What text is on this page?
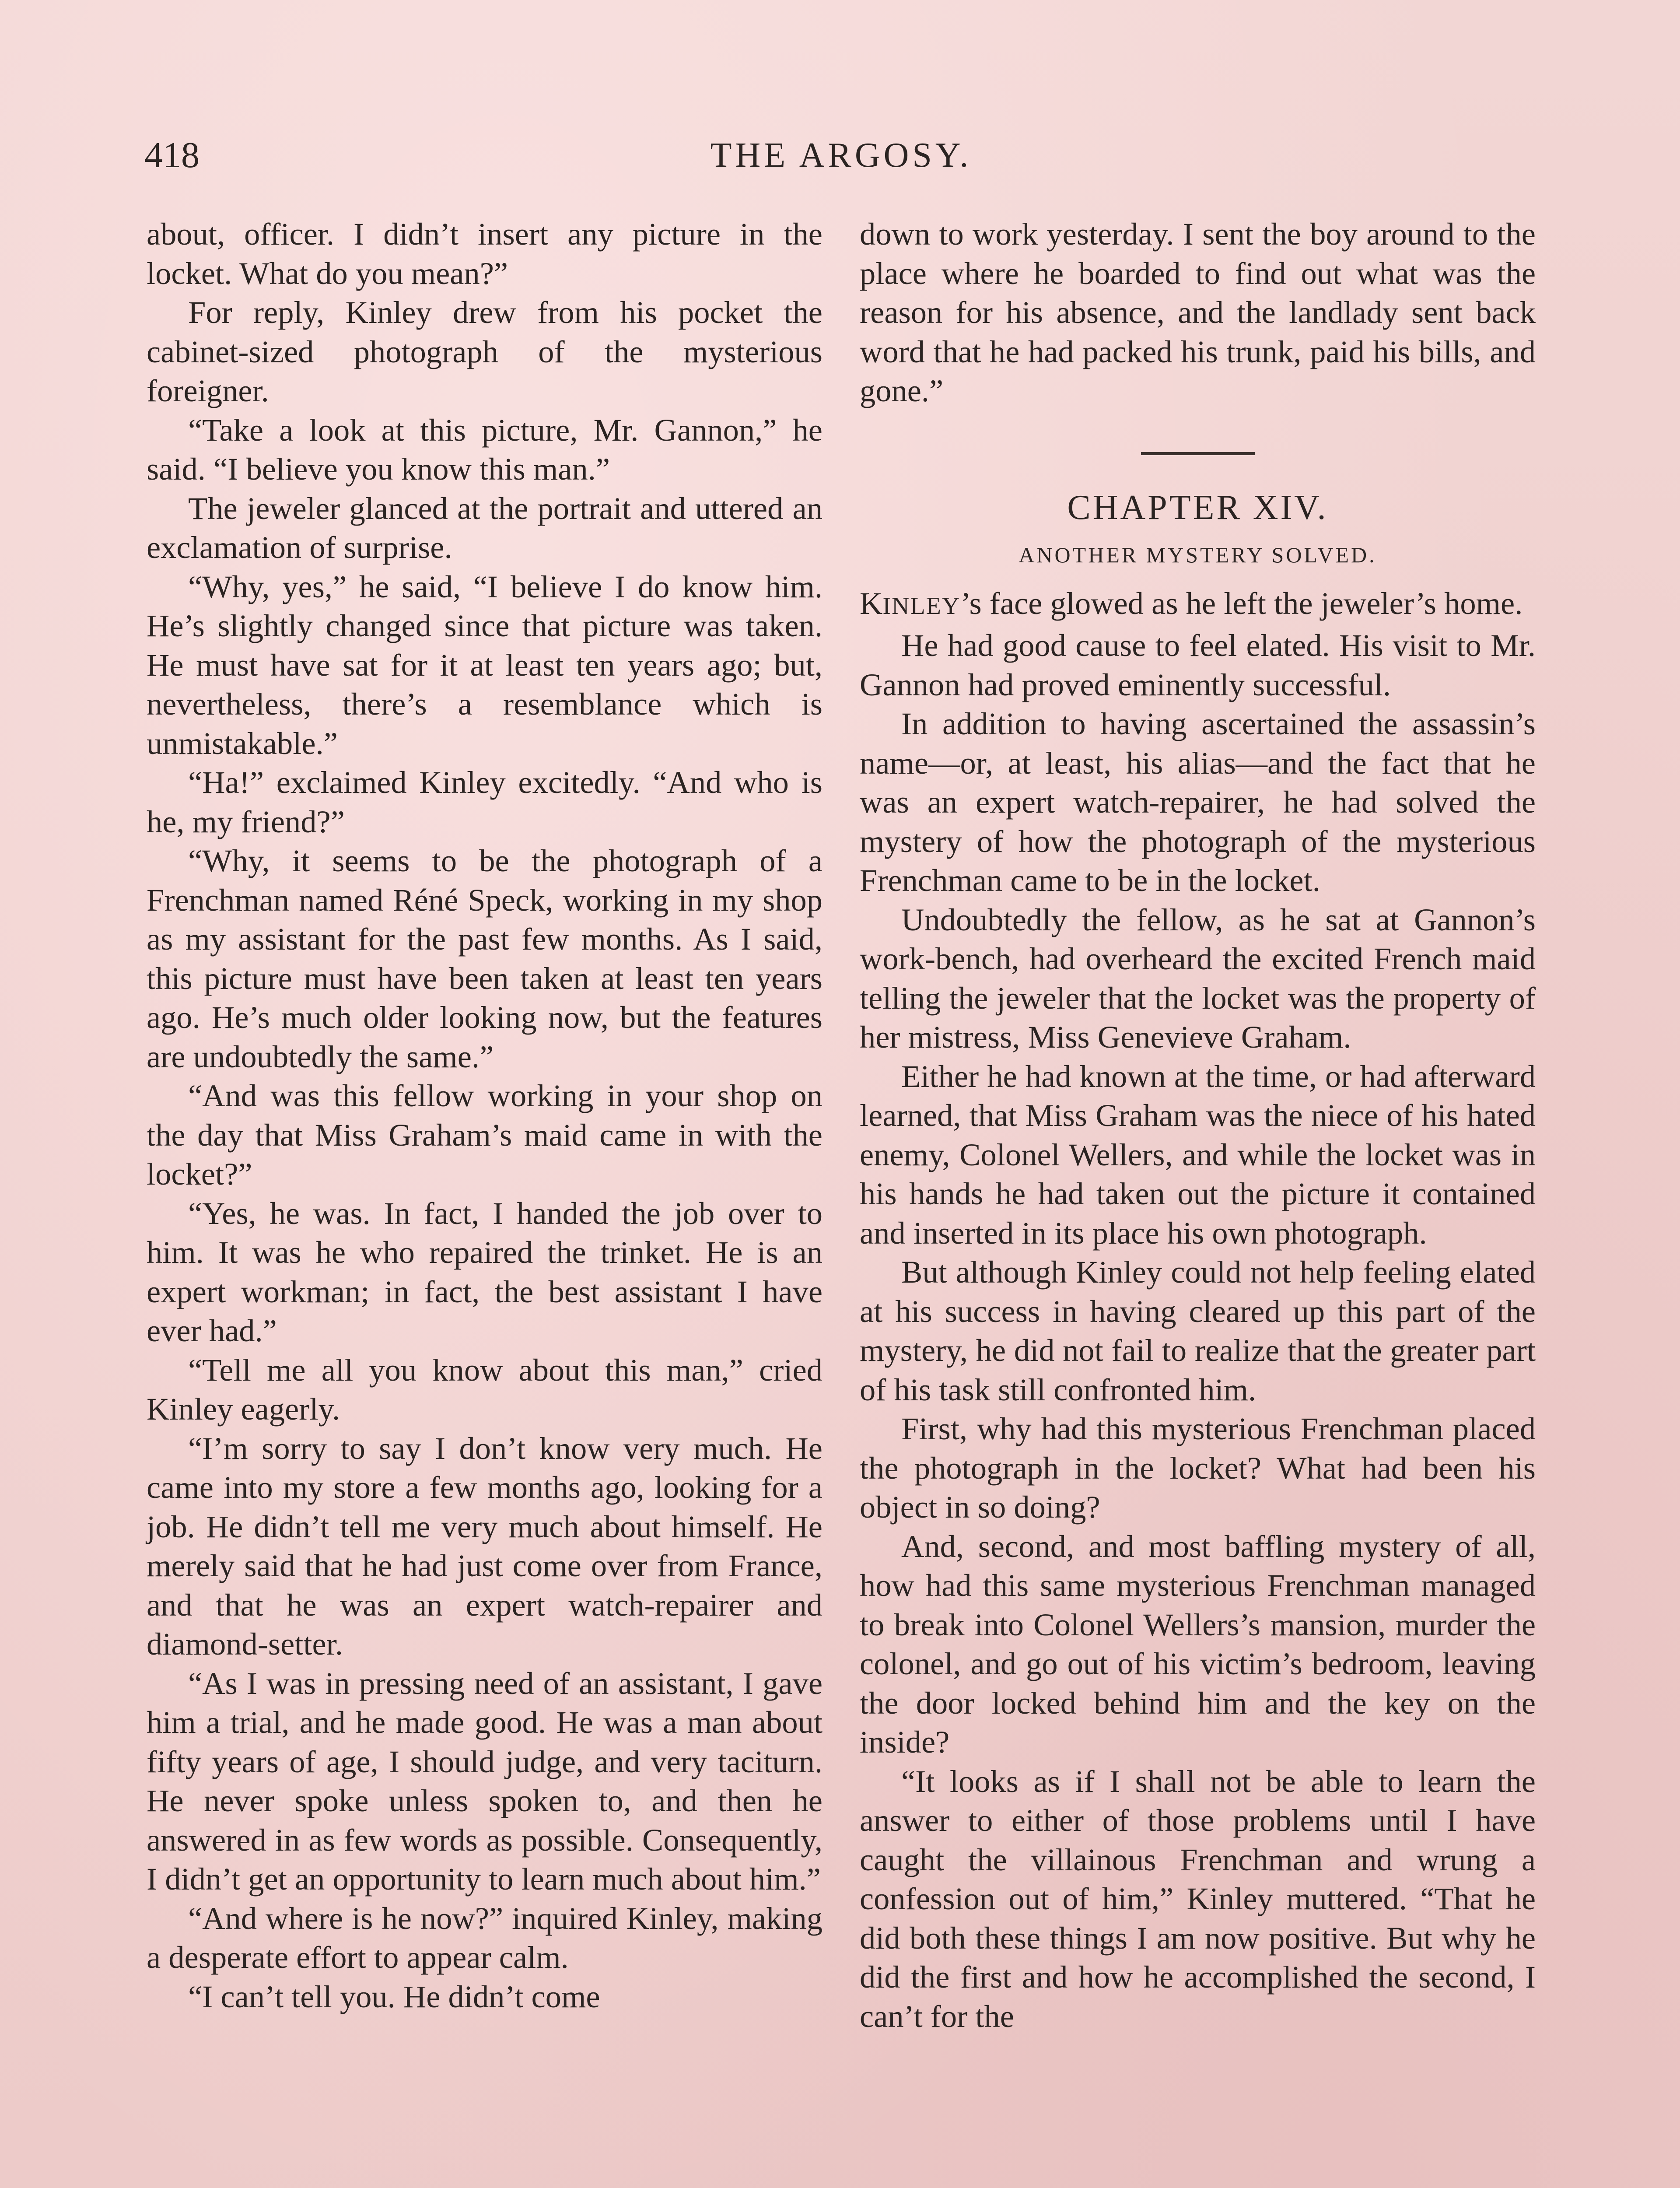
418	THE ARGOSY.

about, officer. I didn’t insert any picture in the locket. What do you mean?”

For reply, Kinley drew from his pocket the cabinet-sized photograph of the mysterious foreigner.

“Take a look at this picture, Mr. Gannon,” he said. “I believe you know this man.”

The jeweler glanced at the portrait and uttered an exclamation of surprise.

“Why, yes,” he said, “I believe I do know him. He’s slightly changed since that picture was taken. He must have sat for it at least ten years ago; but, nevertheless, there’s a resemblance which is unmistakable.”

“Ha!” exclaimed Kinley excitedly. “And who is he, my friend?”

“Why, it seems to be the photograph of a Frenchman named Réné Speck, working in my shop as my assistant for the past few months. As I said, this picture must have been taken at least ten years ago. He’s much older looking now, but the features are undoubtedly the same.”

“And was this fellow working in your shop on the day that Miss Graham’s maid came in with the locket?”

“Yes, he was. In fact, I handed the job over to him. It was he who repaired the trinket. He is an expert workman; in fact, the best assistant I have ever had.”

“Tell me all you know about this man,” cried Kinley eagerly.

“I’m sorry to say I don’t know very much. He came into my store a few months ago, looking for a job. He didn’t tell me very much about himself. He merely said that he had just come over from France, and that he was an expert watch-repairer and diamond-setter.

“As I was in pressing need of an assistant, I gave him a trial, and he made good. He was a man about fifty years of age, I should judge, and very taciturn. He never spoke unless spoken to, and then he answered in as few words as possible. Consequently, I didn’t get an opportunity to learn much about him.”

“And where is he now?” inquired Kinley, making a desperate effort to appear calm.

“I can’t tell you. He didn’t come

down to work yesterday. I sent the boy around to the place where he boarded to find out what was the reason for his absence, and the landlady sent back word that he had packed his trunk, paid his bills, and gone.”

CHAPTER XIV.
ANOTHER MYSTERY SOLVED.

KINLEY’s face glowed as he left the jeweler’s home.

He had good cause to feel elated. His visit to Mr. Gannon had proved eminently successful.

In addition to having ascertained the assassin’s name—or, at least, his alias—and the fact that he was an expert watch-repairer, he had solved the mystery of how the photograph of the mysterious Frenchman came to be in the locket.

Undoubtedly the fellow, as he sat at Gannon’s work-bench, had overheard the excited French maid telling the jeweler that the locket was the property of her mistress, Miss Genevieve Graham.

Either he had known at the time, or had afterward learned, that Miss Graham was the niece of his hated enemy, Colonel Wellers, and while the locket was in his hands he had taken out the picture it contained and inserted in its place his own photograph.

But although Kinley could not help feeling elated at his success in having cleared up this part of the mystery, he did not fail to realize that the greater part of his task still confronted him.

First, why had this mysterious Frenchman placed the photograph in the locket? What had been his object in so doing?

And, second, and most baffling mystery of all, how had this same mysterious Frenchman managed to break into Colonel Wellers’s mansion, murder the colonel, and go out of his victim’s bedroom, leaving the door locked behind him and the key on the inside?

“It looks as if I shall not be able to learn the answer to either of those problems until I have caught the villainous Frenchman and wrung a confession out of him,” Kinley muttered. “That he did both these things I am now positive. But why he did the first and how he accomplished the second, I can’t for the
